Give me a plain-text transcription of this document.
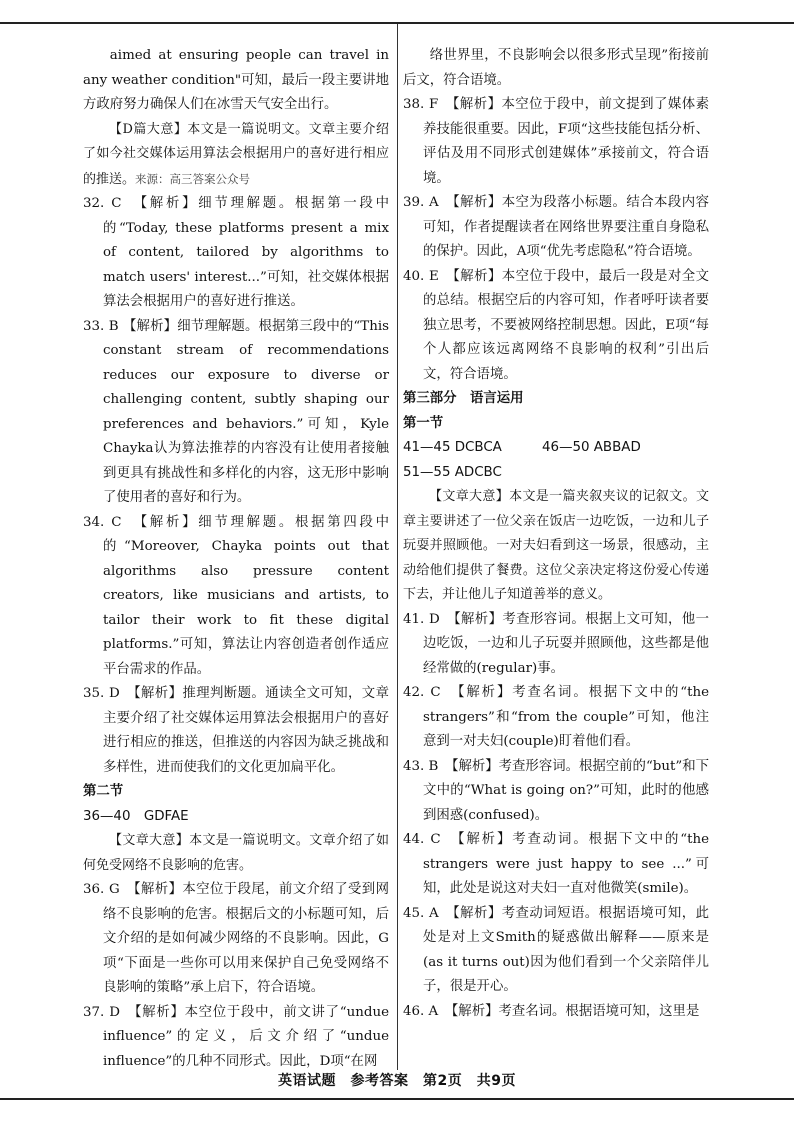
aimed at ensuring people can travel in any weather condition"可知，最后一段主要讲地方政府努力确保人们在冰雪天气安全出行。

【D篇大意】本文是一篇说明文。文章主要介绍了如今社交媒体运用算法会根据用户的喜好进行相应的推送。来源：高三答案公众号

32. C　【解析】细节理解题。根据第一段中的“Today, these platforms present a mix of content, tailored by algorithms to match users' interest...”可知，社交媒体根据算法会根据用户的喜好进行推送。

33. B 【解析】细节理解题。根据第三段中的“This constant stream of recommendations reduces our exposure to diverse or challenging content, subtly shaping our preferences and behaviors.”可知，Kyle Chayka认为算法推荐的内容没有让使用者接触到更具有挑战性和多样化的内容，这无形中影响了使用者的喜好和行为。

34. C　【解析】细节理解题。根据第四段中的“Moreover, Chayka points out that algorithms also pressure content creators, like musicians and artists, to tailor their work to fit these digital platforms.”可知，算法让内容创造者创作适应平台需求的作品。

35. D　【解析】推理判断题。通读全文可知，文章主要介绍了社交媒体运用算法会根据用户的喜好进行相应的推送，但推送的内容因为缺乏挑战和多样性，进而使我们的文化更加扁平化。

第二节

36—40　GDFAE

【文章大意】本文是一篇说明文。文章介绍了如何免受网络不良影响的危害。

36. G　【解析】本空位于段尾，前文介绍了受到网络不良影响的危害。根据后文的小标题可知，后文介绍的是如何减少网络的不良影响。因此，G项“下面是一些你可以用来保护自己免受网络不良影响的策略”承上启下，符合语境。

37. D　【解析】本空位于段中，前文讲了“undue influence”的定义，后文介绍了“undue influence”的几种不同形式。因此，D项“在网

络世界里，不良影响会以很多形式呈现”衔接前后文，符合语境。

38. F　【解析】本空位于段中，前文提到了媒体素养技能很重要。因此，F项“这些技能包括分析、评估及用不同形式创建媒体”承接前文，符合语境。

39. A　【解析】本空为段落小标题。结合本段内容可知，作者提醒读者在网络世界要注重自身隐私的保护。因此，A项“优先考虑隐私”符合语境。

40. E　【解析】本空位于段中，最后一段是对全文的总结。根据空后的内容可知，作者呼吁读者要独立思考，不要被网络控制思想。因此，E项“每个人都应该远离网络不良影响的权利”引出后文，符合语境。

第三部分　语言运用

第一节

41—45 DCBCA　　　	46—50 ABBAD

51—55 ADCBC

【文章大意】本文是一篇夹叙夹议的记叙文。文章主要讲述了一位父亲在饭店一边吃饭，一边和儿子玩耍并照顾他。一对夫妇看到这一场景，很感动，主动给他们提供了餐费。这位父亲决定将这份爱心传递下去，并让他儿子知道善举的意义。

41. D　【解析】考查形容词。根据上文可知，他一边吃饭，一边和儿子玩耍并照顾他，这些都是他经常做的(regular)事。

42. C　【解析】考查名词。根据下文中的“the strangers”和“from the couple”可知，他注意到一对夫妇(couple)盯着他们看。

43. B　【解析】考查形容词。根据空前的“but”和下文中的“What is going on?”可知，此时的他感到困惑(confused)。

44. C　【解析】考查动词。根据下文中的“the strangers were just happy to see ...”可知，此处是说这对夫妇一直对他微笑(smile)。

45. A　【解析】考查动词短语。根据语境可知，此处是对上文Smith的疑惑做出解释——原来是(as it turns out)因为他们看到一个父亲陪伴儿子，很是开心。

46. A　【解析】考查名词。根据语境可知，这里是

英语试题　参考答案　第2页　共9页
